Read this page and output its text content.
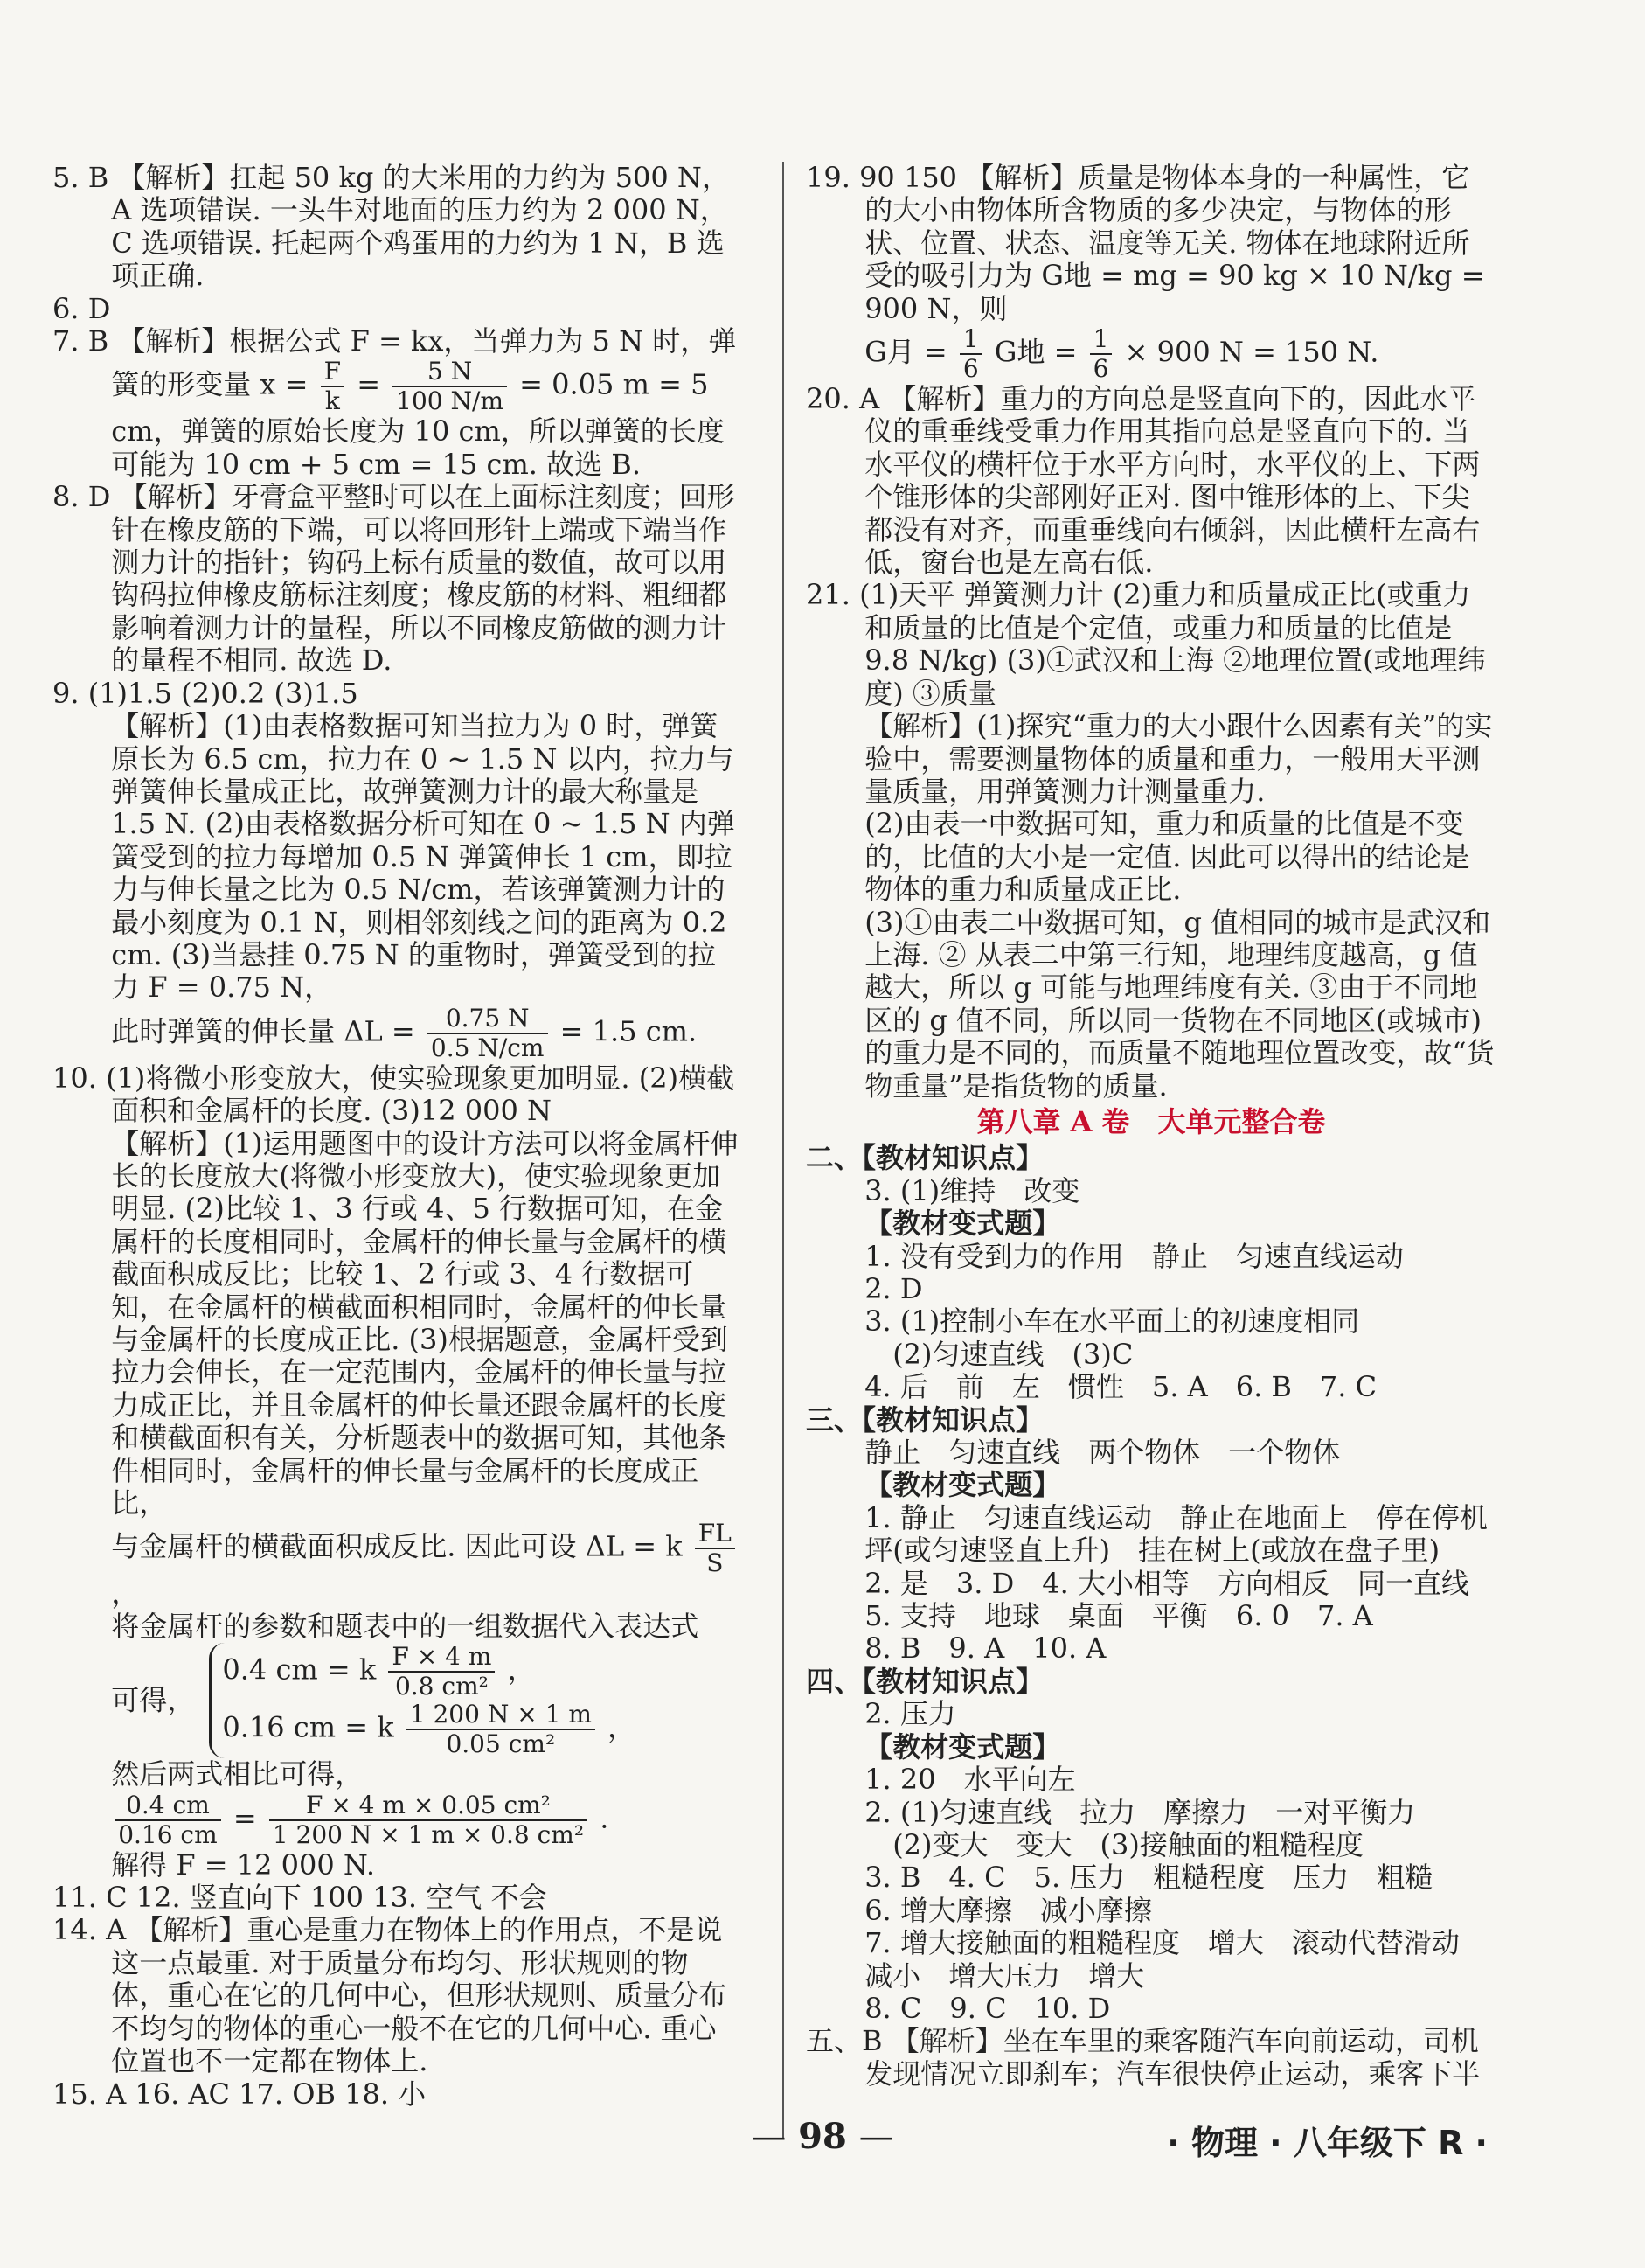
5. B 【解析】扛起 50 kg 的大米用的力约为 500 N，A 选项错误. 一头牛对地面的压力约为 2 000 N，C 选项错误. 托起两个鸡蛋用的力约为 1 N，B 选项正确.

6. D

7. B 【解析】根据公式 F = kx，当弹力为 5 N 时，弹簧的形变量 $x = \frac{F}{k} = \frac{5 N}{100 N/m} = 0.05$ m = 5 cm，弹簧的原始长度为 10 cm，所以弹簧的长度可能为 10 cm + 5 cm = 15 cm. 故选 B.

8. D 【解析】牙膏盒平整时可以在上面标注刻度；回形针在橡皮筋的下端，可以将回形针上端或下端当作测力计的指针；钩码上标有质量的数值，故可以用钩码拉伸橡皮筋标注刻度；橡皮筋的材料、粗细都影响着测力计的量程，所以不同橡皮筋做的测力计的量程不相同. 故选 D.

9. (1)1.5 (2)0.2 (3)1.5

【解析】(1)由表格数据可知当拉力为 0 时，弹簧原长为 6.5 cm，拉力在 0 ~ 1.5 N 以内，拉力与弹簧伸长量成正比，故弹簧测力计的最大称量是 1.5 N. (2)由表格数据分析可知在 0 ~ 1.5 N 内弹簧受到的拉力每增加 0.5 N 弹簧伸长 1 cm，即拉力与伸长量之比为 0.5 N/cm，若该弹簧测力计的最小刻度为 0.1 N，则相邻刻线之间的距离为 0.2 cm. (3)当悬挂 0.75 N 的重物时，弹簧受到的拉力 F = 0.75 N，

此时弹簧的伸长量 $\Delta L = \frac{0.75 N}{0.5 N/cm} = 1.5$ cm.

10. (1)将微小形变放大，使实验现象更加明显. (2)横截面积和金属杆的长度. (3)12 000 N

【解析】(1)运用题图中的设计方法可以将金属杆伸长的长度放大(将微小形变放大)，使实验现象更加明显. (2)比较 1、3 行或 4、5 行数据可知，在金属杆的长度相同时，金属杆的伸长量与金属杆的横截面积成反比；比较 1、2 行或 3、4 行数据可知，在金属杆的横截面积相同时，金属杆的伸长量与金属杆的长度成正比. (3)根据题意，金属杆受到拉力会伸长，在一定范围内，金属杆的伸长量与拉力成正比，并且金属杆的伸长量还跟金属杆的长度和横截面积有关，分析题表中的数据可知，其他条件相同时，金属杆的伸长量与金属杆的长度成正比，

与金属杆的横截面积成反比. 因此可设 ΔL = k $\frac{FL}{S}$
，

将金属杆的参数和题表中的一组数据代入表达式

可得，
0.4 cm = k $\frac{F \times 4 m}{\text{0.8 cm²}}$ ，
0.16 cm = k $\frac{1 200 N \times 1 m}{\text{0.05 cm²}}$ ，

然后两式相比可得，

$\frac{0.4 cm}{0.16 cm} = \frac{\text{F × 4 m × 0.05 cm²}}{\text{1 200 N × 1 m × 0.8 cm²}}$ .

解得 F = 12 000 N.

11. C 12. 竖直向下 100 13. 空气 不会

14. A 【解析】重心是重力在物体上的作用点，不是说这一点最重. 对于质量分布均匀、形状规则的物体，重心在它的几何中心，但形状规则、质量分布不均匀的物体的重心一般不在它的几何中心. 重心位置也不一定都在物体上.

15. A 16. AC 17. OB 18. 小

19. 90 150 【解析】质量是物体本身的一种属性，它的大小由物体所含物质的多少决定，与物体的形状、位置、状态、温度等无关. 物体在地球附近所受的吸引力为 G地 = mg = 90 kg × 10 N/kg = 900 N，则

G月 = $\frac{1}{6}$ G地 = $\frac{1}{6} \times 900$ N = 150 N.

20. A 【解析】重力的方向总是竖直向下的，因此水平仪的重垂线受重力作用其指向总是竖直向下的. 当水平仪的横杆位于水平方向时，水平仪的上、下两个锥形体的尖部刚好正对. 图中锥形体的上、下尖都没有对齐，而重垂线向右倾斜，因此横杆左高右低，窗台也是左高右低.

21. (1)天平 弹簧测力计 (2)重力和质量成正比(或重力和质量的比值是个定值，或重力和质量的比值是 9.8 N/kg) (3)①武汉和上海 ②地理位置(或地理纬度) ③质量

【解析】(1)探究“重力的大小跟什么因素有关”的实验中，需要测量物体的质量和重力，一般用天平测量质量，用弹簧测力计测量重力.

(2)由表一中数据可知，重力和质量的比值是不变的，比值的大小是一定值. 因此可以得出的结论是物体的重力和质量成正比.

(3)①由表二中数据可知，g 值相同的城市是武汉和上海. ② 从表二中第三行知，地理纬度越高，g 值越大，所以 g 可能与地理纬度有关. ③由于不同地区的 g 值不同，所以同一货物在不同地区(或城市)的重力是不同的，而质量不随地理位置改变，故“货物重量”是指货物的质量.

第八章 A 卷　大单元整合卷

二、【教材知识点】

3. (1)维持　改变

【教材变式题】

1. 没有受到力的作用　静止　匀速直线运动

2. D

3. (1)控制小车在水平面上的初速度相同

(2)匀速直线　(3)C

4. 后　前　左　惯性　5. A　6. B　7. C

三、【教材知识点】

静止　匀速直线　两个物体　一个物体

【教材变式题】

1. 静止　匀速直线运动　静止在地面上　停在停机坪(或匀速竖直上升)　挂在树上(或放在盘子里)

2. 是　3. D　4. 大小相等　方向相反　同一直线

5. 支持　地球　桌面　平衡　6. 0　7. A

8. B　9. A　10. A

四、【教材知识点】

2. 压力

【教材变式题】

1. 20　水平向左

2. (1)匀速直线　拉力　摩擦力　一对平衡力

(2)变大　变大　(3)接触面的粗糙程度

3. B　4. C　5. 压力　粗糙程度　压力　粗糙

6. 增大摩擦　减小摩擦

7. 增大接触面的粗糙程度　增大　滚动代替滑动　减小　增大压力　增大

8. C　9. C　10. D

五、B 【解析】坐在车里的乘客随汽车向前运动，司机发现情况立即刹车；汽车很快停止运动，乘客下半

— 98 —	· 物理 · 八年级下 R ·
